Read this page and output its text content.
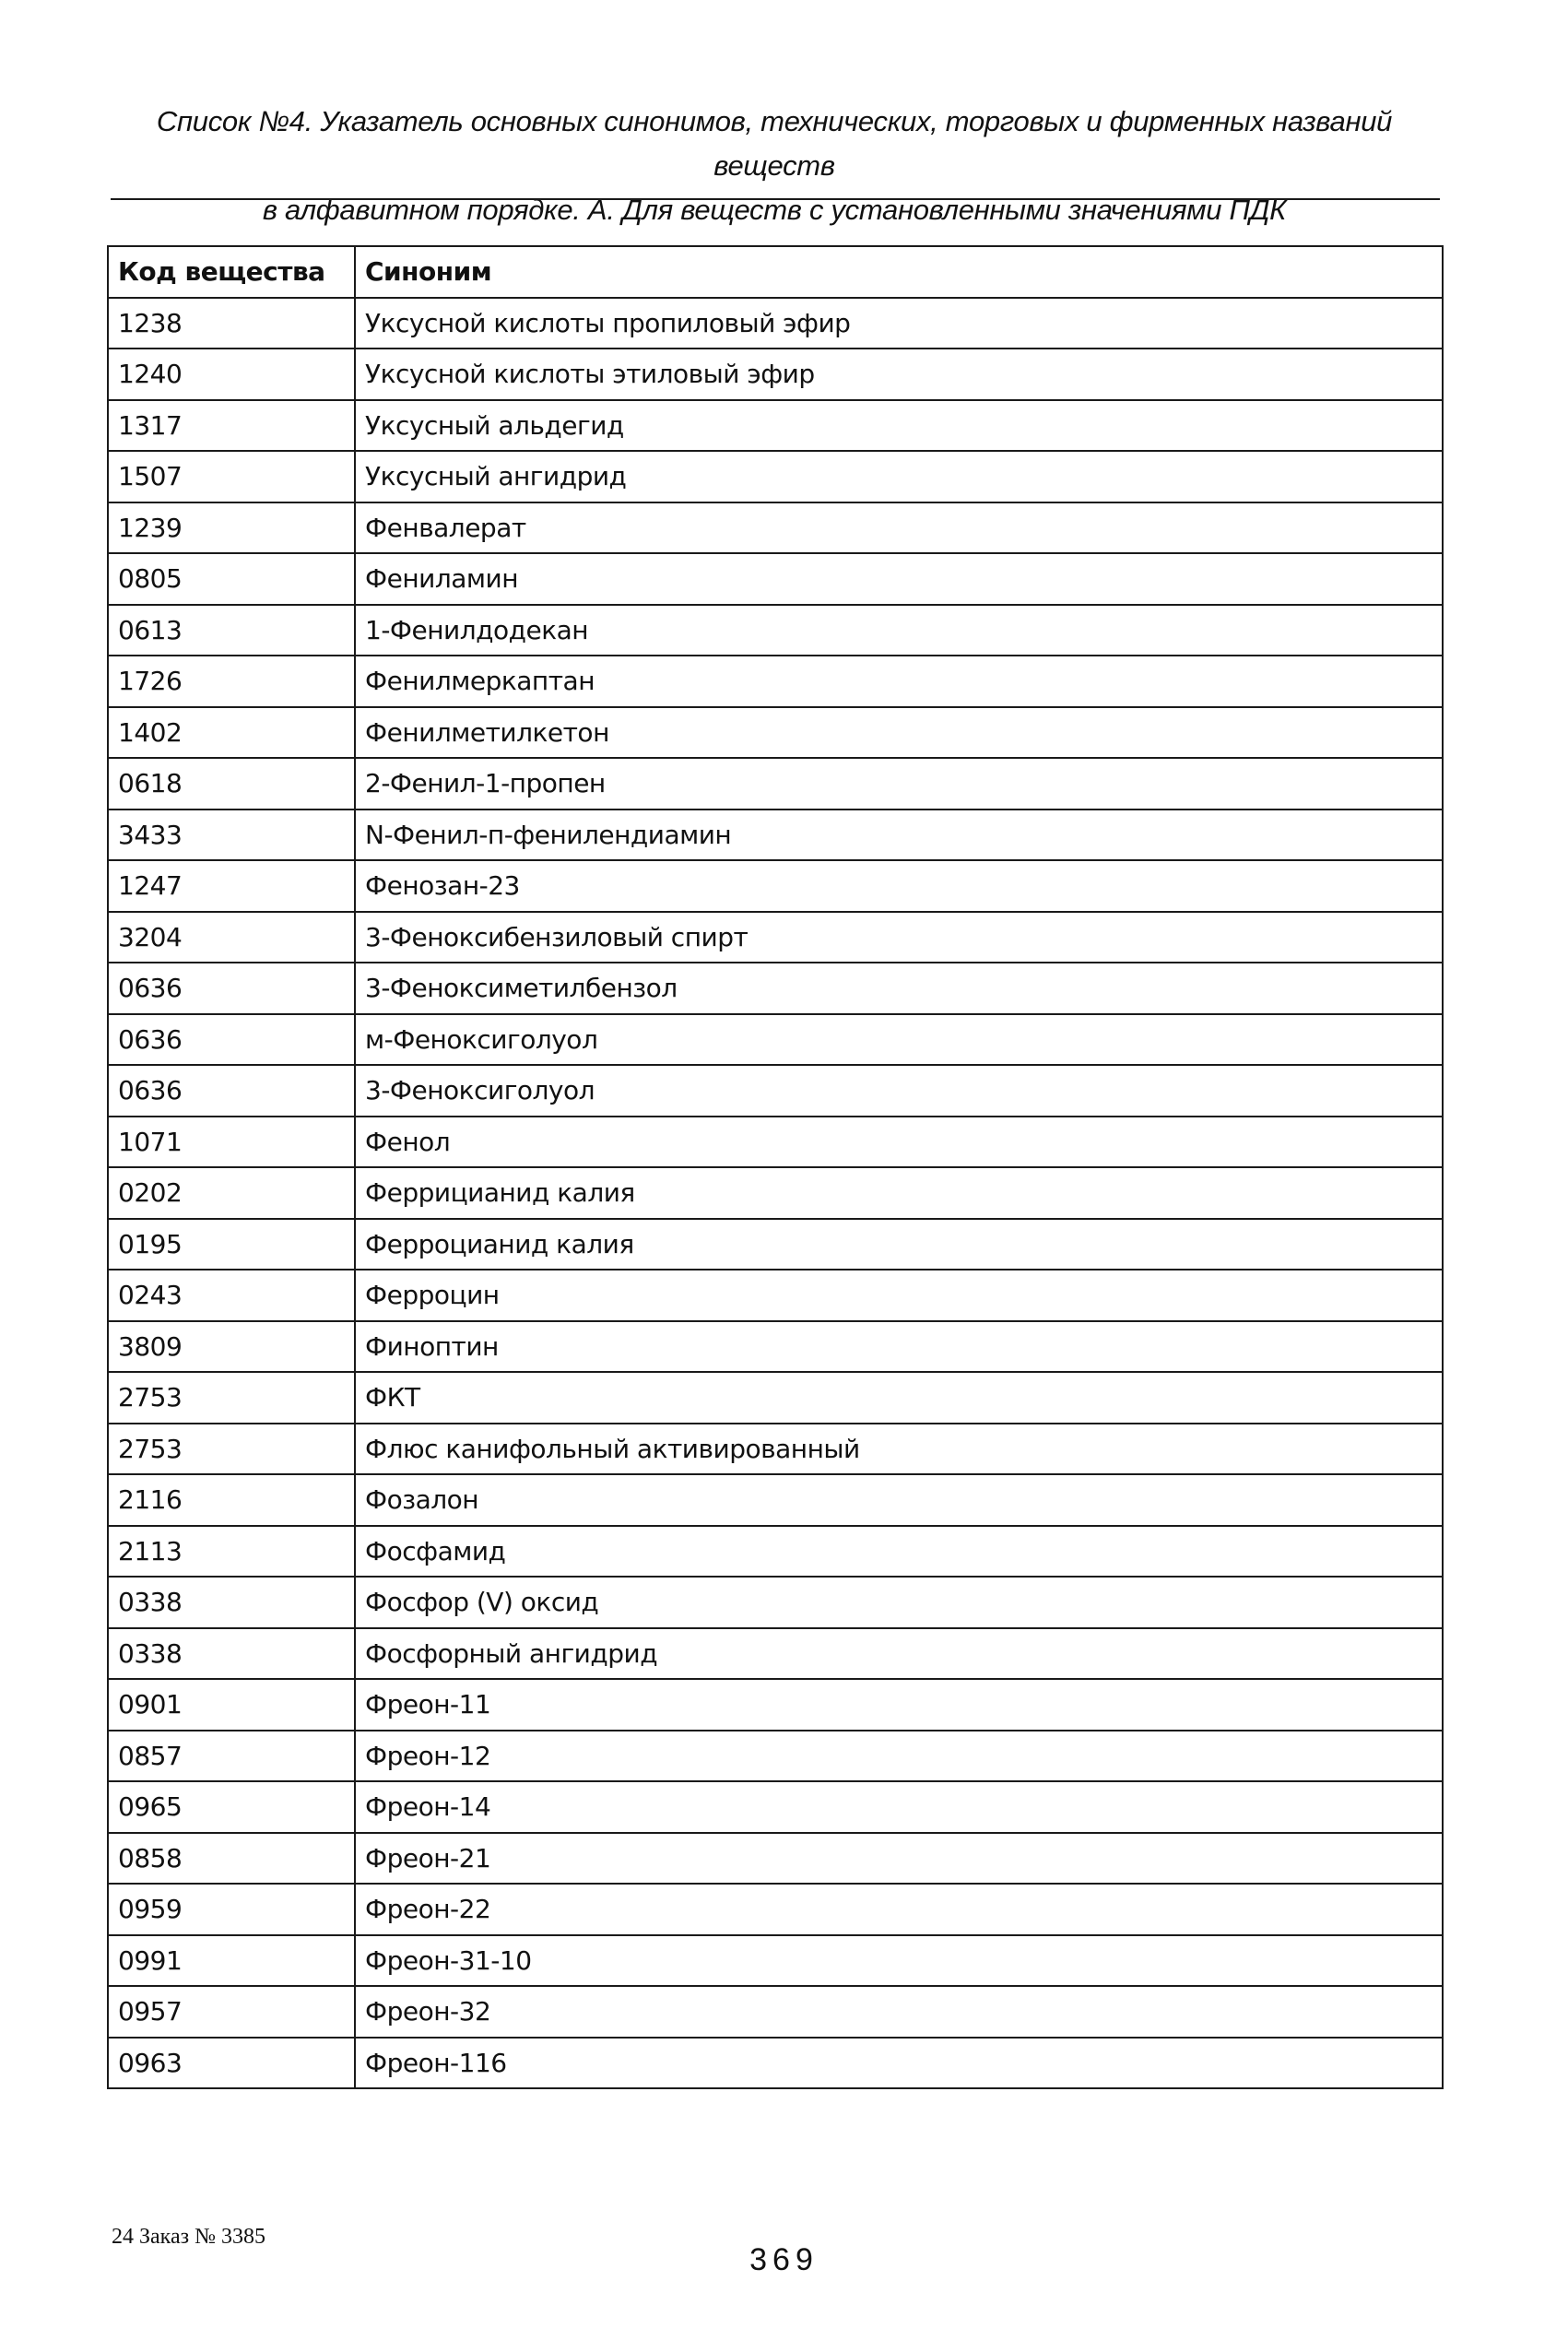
Список №4. Указатель основных синонимов, технических, торговых и фирменных названий веществ
в алфавитном порядке. А. Для веществ с установленными значениями ПДК
Код вещества	Синоним
1238	Уксусной кислоты пропиловый эфир
1240	Уксусной кислоты этиловый эфир
1317	Уксусный альдегид
1507	Уксусный ангидрид
1239	Фенвалерат
0805	Фениламин
0613	1-Фенилдодекан
1726	Фенилмеркаптан
1402	Фенилметилкетон
0618	2-Фенил-1-пропен
3433	N-Фенил-п-фенилендиамин
1247	Фенозан-23
3204	3-Феноксибензиловый спирт
0636	3-Феноксиметилбензол
0636	м-Феноксиголуол
0636	3-Феноксиголуол
1071	Фенол
0202	Феррицианид калия
0195	Ферроцианид калия
0243	Ферроцин
3809	Финоптин
2753	ФКТ
2753	Флюс канифольный активированный
2116	Фозалон
2113	Фосфамид
0338	Фосфор (V) оксид
0338	Фосфорный ангидрид
0901	Фреон-11
0857	Фреон-12
0965	Фреон-14
0858	Фреон-21
0959	Фреон-22
0991	Фреон-31-10
0957	Фреон-32
0963	Фреон-116
24 Заказ № 3385
369
